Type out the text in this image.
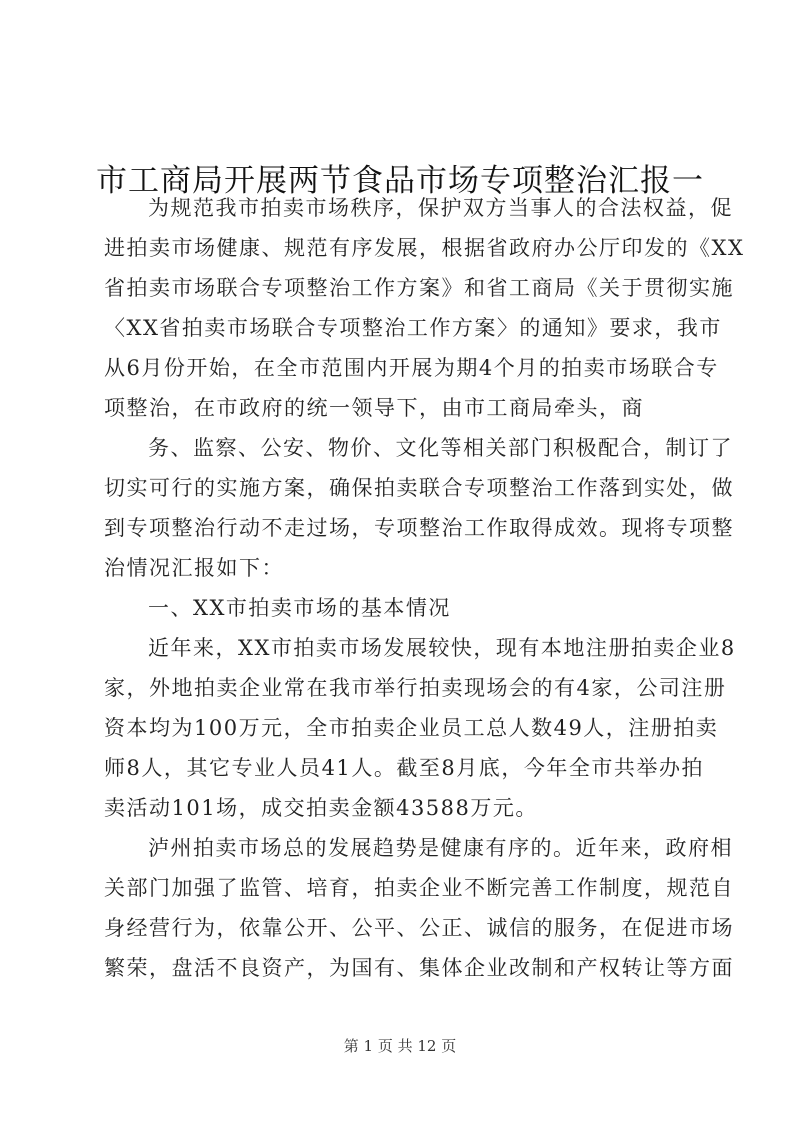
市工商局开展两节食品市场专项整治汇报一
为规范我市拍卖市场秩序，保护双方当事人的合法权益，促
进拍卖市场健康、规范有序发展，根据省政府办公厅印发的《XX
省拍卖市场联合专项整治工作方案》和省工商局《关于贯彻实施
〈XX省拍卖市场联合专项整治工作方案〉的通知》要求，我市
从6月份开始，在全市范围内开展为期4个月的拍卖市场联合专
项整治，在市政府的统一领导下，由市工商局牵头，商
务、监察、公安、物价、文化等相关部门积极配合，制订了
切实可行的实施方案，确保拍卖联合专项整治工作落到实处，做
到专项整治行动不走过场，专项整治工作取得成效。现将专项整
治情况汇报如下：
一、XX市拍卖市场的基本情况
近年来，XX市拍卖市场发展较快，现有本地注册拍卖企业8
家，外地拍卖企业常在我市举行拍卖现场会的有4家，公司注册
资本均为100万元，全市拍卖企业员工总人数49人，注册拍卖
师8人，其它专业人员41人。截至8月底，今年全市共举办拍
卖活动101场，成交拍卖金额43588万元。
泸州拍卖市场总的发展趋势是健康有序的。近年来，政府相
关部门加强了监管、培育，拍卖企业不断完善工作制度，规范自
身经营行为，依靠公开、公平、公正、诚信的服务，在促进市场
繁荣，盘活不良资产，为国有、集体企业改制和产权转让等方面
第 1 页 共 12 页
